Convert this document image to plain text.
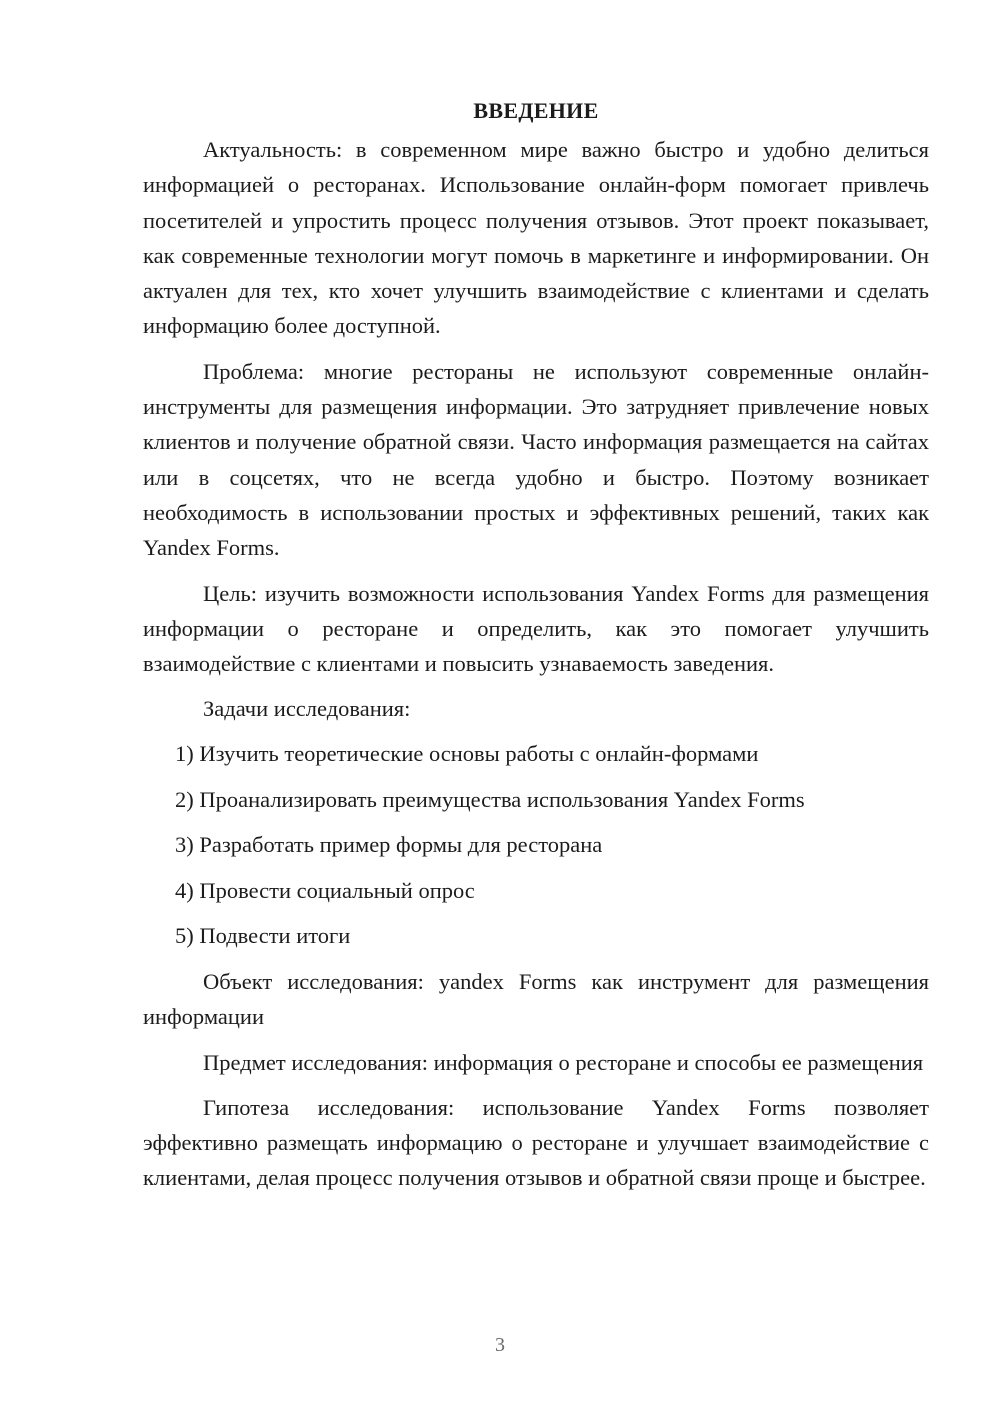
ВВЕДЕНИЕ

Актуальность: в современном мире важно быстро и удобно делиться информацией о ресторанах. Использование онлайн-форм помогает привлечь посетителей и упростить процесс получения отзывов. Этот проект показывает, как современные технологии могут помочь в маркетинге и информировании. Он актуален для тех, кто хочет улучшить взаимодействие с клиентами и сделать информацию более доступной.

Проблема: многие рестораны не используют современные онлайн-инструменты для размещения информации. Это затрудняет привлечение новых клиентов и получение обратной связи. Часто информация размещается на сайтах или в соцсетях, что не всегда удобно и быстро. Поэтому возникает необходимость в использовании простых и эффективных решений, таких как Yandex Forms.

Цель: изучить возможности использования Yandex Forms для размещения информации о ресторане и определить, как это помогает улучшить взаимодействие с клиентами и повысить узнаваемость заведения.

Задачи исследования:

1) Изучить теоретические основы работы с онлайн-формами
2) Проанализировать преимущества использования Yandex Forms
3) Разработать пример формы для ресторана
4) Провести социальный опрос
5) Подвести итоги

Объект исследования: yandex Forms как инструмент для размещения информации

Предмет исследования: информация о ресторане и способы ее размещения

Гипотеза исследования: использование Yandex Forms позволяет эффективно размещать информацию о ресторане и улучшает взаимодействие с клиентами, делая процесс получения отзывов и обратной связи проще и быстрее.

3
